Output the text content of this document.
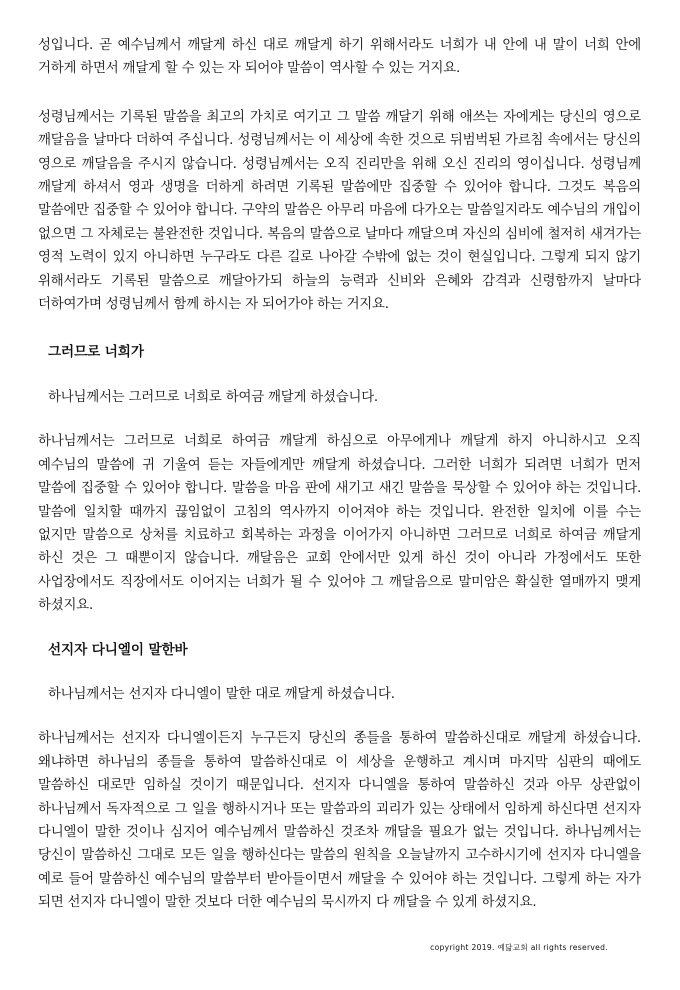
성입니다. 곧 예수님께서 깨달게 하신 대로 깨달게 하기 위해서라도 너희가 내 안에 내 말이 너희 안에 거하게 하면서 깨달게 할 수 있는 자 되어야 말씀이 역사할 수 있는 거지요.

성령님께서는 기록된 말씀을 최고의 가치로 여기고 그 말씀 깨달기 위해 애쓰는 자에게는 당신의 영으로 깨달음을 날마다 더하여 주십니다. 성령님께서는 이 세상에 속한 것으로 뒤범벅된 가르침 속에서는 당신의 영으로 깨달음을 주시지 않습니다. 성령님께서는 오직 진리만을 위해 오신 진리의 영이십니다. 성령님께 깨달게 하셔서 영과 생명을 더하게 하려면 기록된 말씀에만 집중할 수 있어야 합니다. 그것도 복음의 말씀에만 집중할 수 있어야 합니다. 구약의 말씀은 아무리 마음에 다가오는 말씀일지라도 예수님의 개입이 없으면 그 자체로는 불완전한 것입니다. 복음의 말씀으로 날마다 깨달으며 자신의 심비에 철저히 새겨가는 영적 노력이 있지 아니하면 누구라도 다른 길로 나아갈 수밖에 없는 것이 현실입니다. 그렇게 되지 않기 위해서라도 기록된 말씀으로 깨달아가되 하늘의 능력과 신비와 은혜와 감격과 신령함까지 날마다 더하여가며 성령님께서 함께 하시는 자 되어가야 하는 거지요.

그러므로 너희가

하나님께서는 그러므로 너희로 하여금 깨달게 하셨습니다.

하나님께서는 그러므로 너희로 하여금 깨달게 하심으로 아무에게나 깨달게 하지 아니하시고 오직 예수님의 말씀에 귀 기울여 듣는 자들에게만 깨달게 하셨습니다. 그러한 너희가 되려면 너희가 먼저 말씀에 집중할 수 있어야 합니다. 말씀을 마음 판에 새기고 새긴 말씀을 묵상할 수 있어야 하는 것입니다. 말씀에 일치할 때까지 끊임없이 고침의 역사까지 이어져야 하는 것입니다. 완전한 일치에 이를 수는 없지만 말씀으로 상처를 치료하고 회복하는 과정을 이어가지 아니하면 그러므로 너희로 하여금 깨달게 하신 것은 그 때뿐이지 않습니다. 깨달음은 교회 안에서만 있게 하신 것이 아니라 가정에서도 또한 사업장에서도 직장에서도 이어지는 너희가 될 수 있어야 그 깨달음으로 말미암은 확실한 열매까지 맺게 하셨지요.

선지자 다니엘이 말한바

하나님께서는 선지자 다니엘이 말한 대로 깨달게 하셨습니다.

하나님께서는 선지자 다니엘이든지 누구든지 당신의 종들을 통하여 말씀하신대로 깨달게 하셨습니다. 왜냐하면 하나님의 종들을 통하여 말씀하신대로 이 세상을 운행하고 계시며 마지막 심판의 때에도 말씀하신 대로만 임하실 것이기 때문입니다. 선지자 다니엘을 통하여 말씀하신 것과 아무 상관없이 하나님께서 독자적으로 그 일을 행하시거나 또는 말씀과의 괴리가 있는 상태에서 임하게 하신다면 선지자 다니엘이 말한 것이나 심지어 예수님께서 말씀하신 것조차 깨달을 필요가 없는 것입니다. 하나님께서는 당신이 말씀하신 그대로 모든 일을 행하신다는 말씀의 원칙을 오늘날까지 고수하시기에 선지자 다니엘을 예로 들어 말씀하신 예수님의 말씀부터 받아들이면서 깨달을 수 있어야 하는 것입니다. 그렇게 하는 자가 되면 선지자 다니엘이 말한 것보다 더한 예수님의 묵시까지 다 깨달을 수 있게 하셨지요.

copyright 2019. 예닮교회 all rights reserved.
